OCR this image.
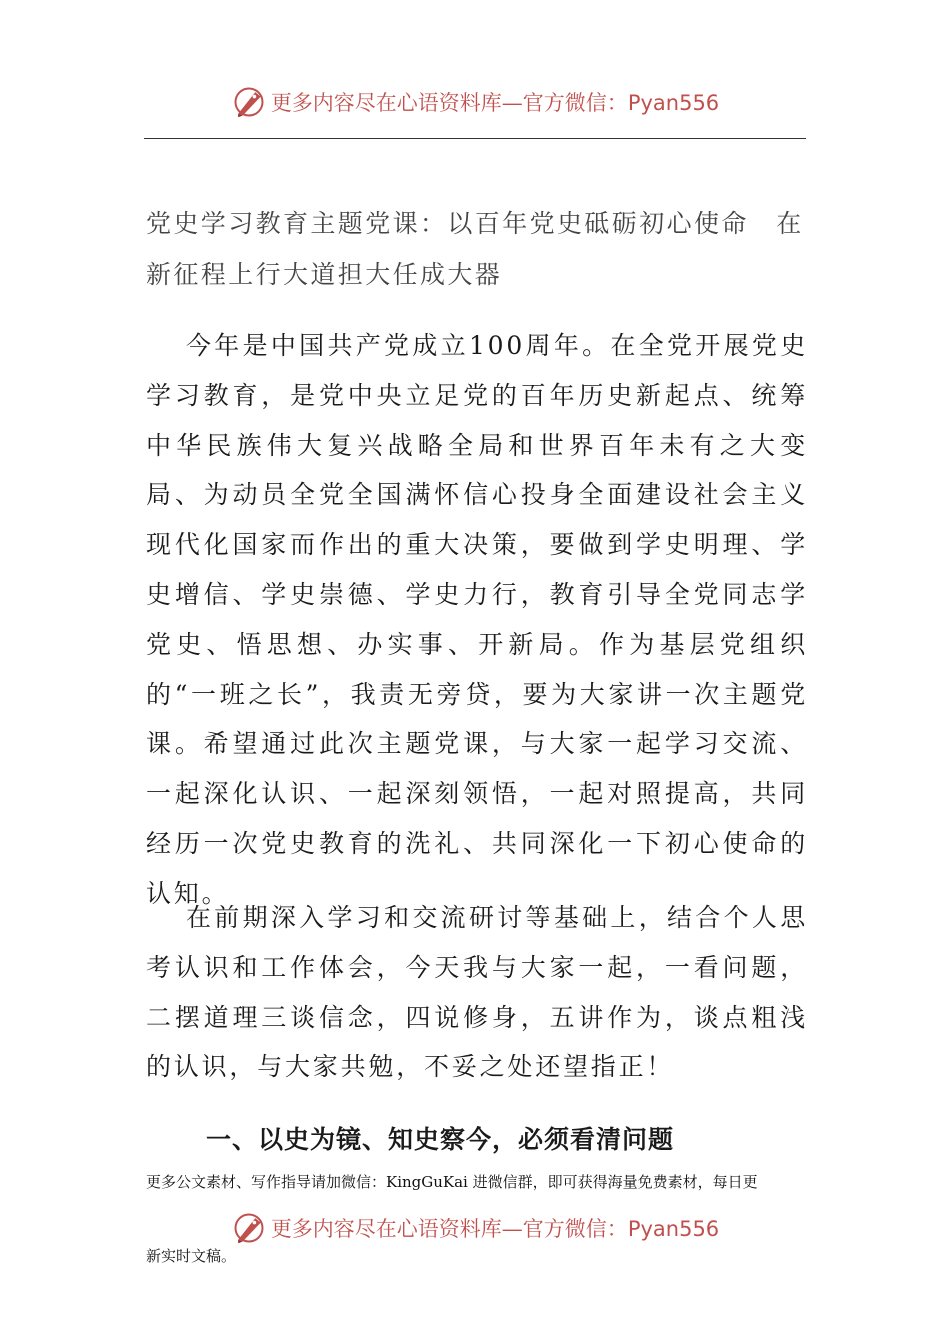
更多内容尽在心语资料库—官方微信：Pyan556
党史学习教育主题党课：以百年党史砥砺初心使命　在新征程上行大道担大任成大器

今年是中国共产党成立100周年。在全党开展党史学习教育，是党中央立足党的百年历史新起点、统筹中华民族伟大复兴战略全局和世界百年未有之大变局、为动员全党全国满怀信心投身全面建设社会主义现代化国家而作出的重大决策，要做到学史明理、学史增信、学史崇德、学史力行，教育引导全党同志学党史、悟思想、办实事、开新局。作为基层党组织的“一班之长”，我责无旁贷，要为大家讲一次主题党课。希望通过此次主题党课，与大家一起学习交流、一起深化认识、一起深刻领悟，一起对照提高，共同经历一次党史教育的洗礼、共同深化一下初心使命的认知。

在前期深入学习和交流研讨等基础上，结合个人思考认识和工作体会，今天我与大家一起，一看问题，二摆道理三谈信念，四说修身，五讲作为，谈点粗浅的认识，与大家共勉，不妥之处还望指正！

一、以史为镜、知史察今，必须看清问题

更多公文素材、写作指导请加微信：KingGuKai 进微信群，即可获得海量免费素材，每日更

更多内容尽在心语资料库—官方微信：Pyan556

新实时文稿。
